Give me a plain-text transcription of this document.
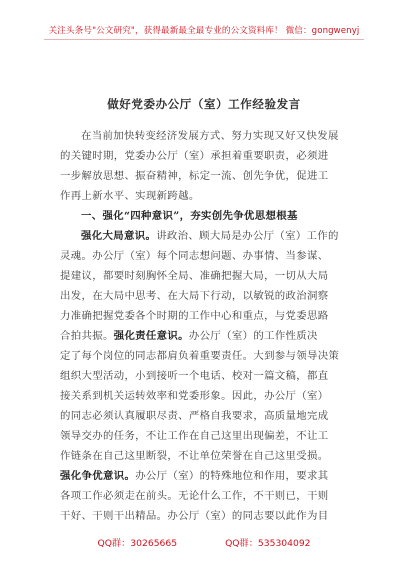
关注头条号"公文研究"，获得最新最全最专业的公文资料库！ 微信：gongwenyj
做好党委办公厅（室）工作经验发言
在当前加快转变经济发展方式、努力实现又好又快发展
的关键时期，党委办公厅（室）承担着重要职责，必须进
一步解放思想、振奋精神，标定一流、创先争优，促进工
作再上新水平、实现新跨越。
一、强化“四种意识”，夯实创先争优思想根基
强化大局意识。讲政治、顾大局是办公厅（室）工作的
灵魂。办公厅（室）每个同志想问题、办事情、当参谋、
提建议，都要时刻胸怀全局、准确把握大局，一切从大局
出发，在大局中思考、在大局下行动，以敏锐的政治洞察
力准确把握党委各个时期的工作中心和重点，与党委思路
合拍共振。强化责任意识。办公厅（室）的工作性质决
定了每个岗位的同志都肩负着重要责任。大到参与领导决策
组织大型活动，小到接听一个电话、校对一篇文稿，都直
接关系到机关运转效率和党委形象。因此，办公厅（室）
的同志必须认真履职尽责、严格自我要求，高质量地完成
领导交办的任务，不让工作在自己这里出现偏差，不让工
作链条在自己这里断裂，不让单位荣誉在自己这里受损。
强化争优意识。办公厅（室）的特殊地位和作用，要求其
各项工作必须走在前头。无论什么工作，不干则已，干则
干好、干则干出精品。办公厅（室）的同志要以此作为目
QQ群：30265665	QQ群：535304092
